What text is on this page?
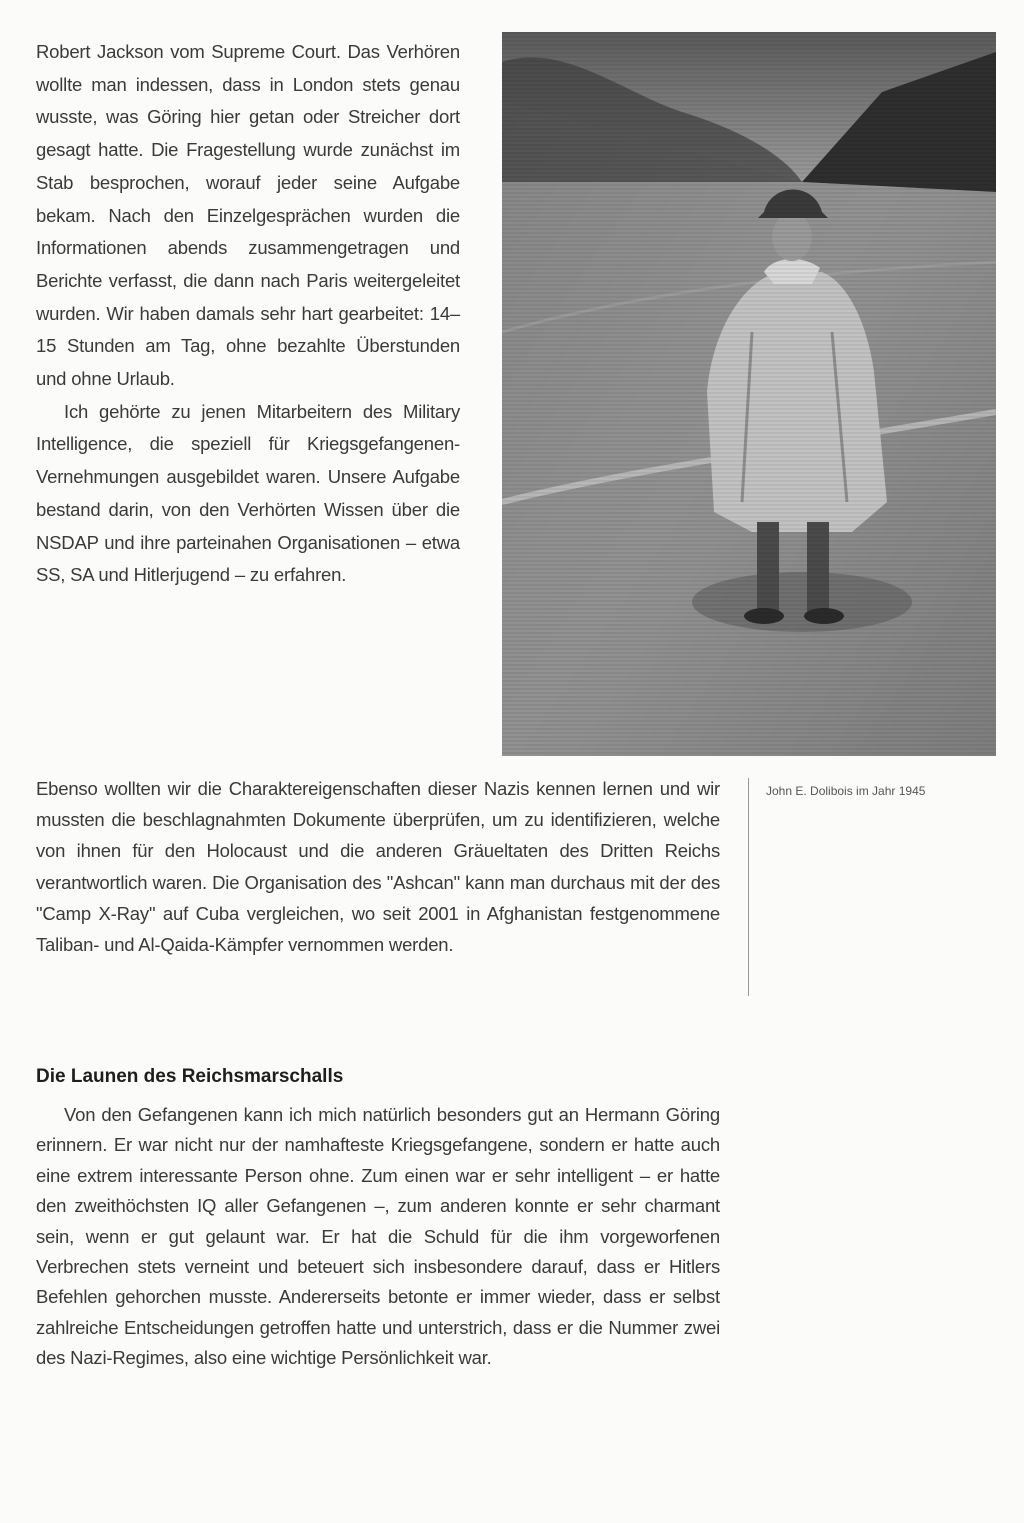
Robert Jackson vom Supreme Court. Das Verhören wollte man indessen, dass in London stets genau wusste, was Göring hier getan oder Streicher dort gesagt hatte. Die Fragestellung wurde zunächst im Stab besprochen, worauf jeder seine Aufgabe bekam. Nach den Einzelgesprächen wurden die Informationen abends zusammengetragen und Berichte verfasst, die dann nach Paris weitergeleitet wurden. Wir haben damals sehr hart gearbeitet: 14–15 Stunden am Tag, ohne bezahlte Überstunden und ohne Urlaub.

Ich gehörte zu jenen Mitarbeitern des Military Intelligence, die speziell für Kriegsgefangenen-Vernehmungen ausgebildet waren. Unsere Aufgabe bestand darin, von den Verhörten Wissen über die NSDAP und ihre parteinahen Organisationen – etwa SS, SA und Hitlerjugend – zu erfahren.

Ebenso wollten wir die Charaktereigenschaften dieser Nazis kennen lernen und wir mussten die beschlagnahmten Dokumente überprüfen, um zu identifizieren, welche von ihnen für den Holocaust und die anderen Gräueltaten des Dritten Reichs verantwortlich waren. Die Organisation des "Ashcan" kann man durchaus mit der des "Camp X-Ray" auf Cuba vergleichen, wo seit 2001 in Afghanistan festgenommene Taliban- und Al-Qaida-Kämpfer vernommen werden.

John E. Dolibois im Jahr 1945

Die Launen des Reichsmarschalls

Von den Gefangenen kann ich mich natürlich besonders gut an Hermann Göring erinnern. Er war nicht nur der namhafteste Kriegsgefangene, sondern er hatte auch eine extrem interessante Person ohne. Zum einen war er sehr intelligent – er hatte den zweithöchsten IQ aller Gefangenen –, zum anderen konnte er sehr charmant sein, wenn er gut gelaunt war. Er hat die Schuld für die ihm vorgeworfenen Verbrechen stets verneint und beteuert sich insbesondere darauf, dass er Hitlers Befehlen gehorchen musste. Andererseits betonte er immer wieder, dass er selbst zahlreiche Entscheidungen getroffen hatte und unterstrich, dass er die Nummer zwei des Nazi-Regimes, also eine wichtige Persönlichkeit war.
